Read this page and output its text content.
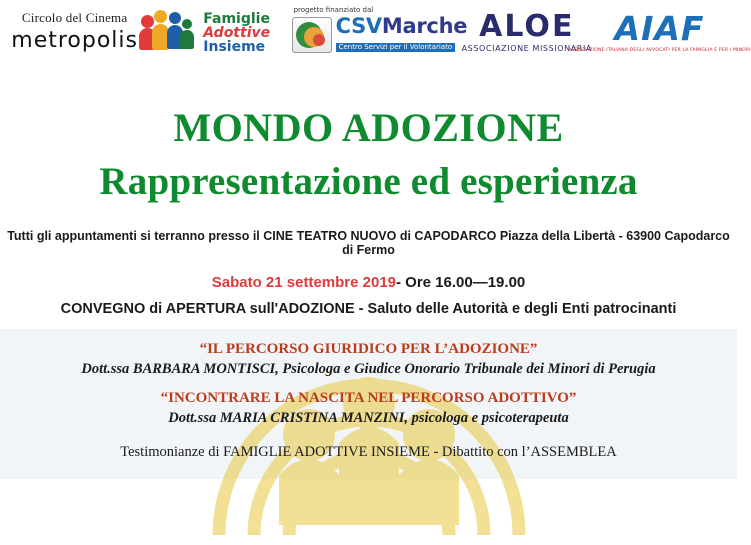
Circolo del Cinema
metropolis
Famiglie
Adottive
Insieme
progetto finanziato dal
CSVMarche
Centro Servizi per il Volontariato
ALOE
ASSOCIAZIONE MISSIONARIA
AIAF
ASSOCIAZIONE ITALIANA DEGLI AVVOCATI PER LA FAMIGLIA E PER I MINORI
MONDO ADOZIONE
Rappresentazione ed esperienza
Tutti gli appuntamenti si terranno presso il CINE TEATRO NUOVO di CAPODARCO Piazza della Libertà - 63900 Capodarco di Fermo
Sabato 21 settembre 2019- Ore 16.00—19.00
CONVEGNO di APERTURA sull'ADOZIONE - Saluto delle Autorità e degli Enti patrocinanti
“IL PERCORSO GIURIDICO PER L’ADOZIONE”
Dott.ssa BARBARA MONTISCI, Psicologa e Giudice Onorario Tribunale dei Minori di Perugia
“INCONTRARE LA NASCITA NEL PERCORSO ADOTTIVO”
Dott.ssa MARIA CRISTINA MANZINI, psicologa e psicoterapeuta
Testimonianze di FAMIGLIE ADOTTIVE INSIEME - Dibattito con l’ASSEMBLEA
